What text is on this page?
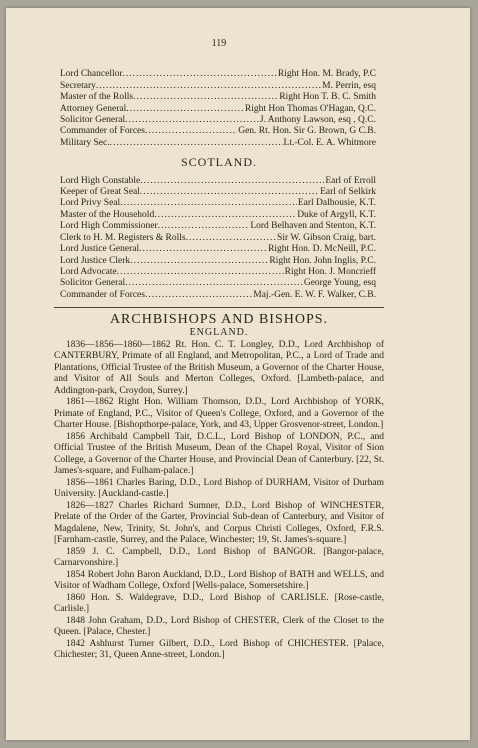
119
Lord Chancellor .....	Right Hon. M. Brady, P.C
Secretary .....	M. Perrin, esq
Master of the Rolls .....	Right Hon T. B. C. Smith
Attorney General .....	Right Hon Thomas O'Hagan, Q.C.
Solicitor General .....	J. Anthony Lawson, esq , Q.C.
Commander of Forces .....	Gen. Rt. Hon. Sir G. Brown, G C.B.
Military Sec. .....	Lt.-Col. E. A. Whitmore
SCOTLAND.
Lord High Constable .....	Earl of Erroll
Keeper of Great Seal .....	Earl of Selkirk
Lord Privy Seal .....	Earl Dalhousie, K.T.
Master of the Household .....	Duke of Argyll, K.T.
Lord High Commissioner .....	Lord Belhaven and Stenton, K.T.
Clerk to H. M. Registers & Rolls .....	Sir W. Gibson Craig, bart.
Lord Justice General .....	Right Hon. D. McNeill, P.C.
Lord Justice Clerk .....	Right Hon. John Inglis, P.C.
Lord Advocate .....	Right Hon. J. Moncrieff
Solicitor General .....	George Young, esq
Commander of Forces .....	Maj.-Gen. E. W. F. Walker, C.B.
ARCHBISHOPS AND BISHOPS.
ENGLAND.

1836—1856—1860—1862 Rt. Hon. C. T. Longley, D.D., Lord Archbishop of CANTERBURY, Primate of all England, and Metropolitan, P.C., a Lord of Trade and Plantations, Official Trustee of the British Museum, a Governor of the Charter House, and Visitor of All Souls and Merton Colleges, Oxford. [Lambeth-palace, and Addington-park, Croydon, Surrey.]

1861—1862 Right Hon. William Thomson, D.D., Lord Archbishop of YORK, Primate of England, P.C., Visitor of Queen's College, Oxford, and a Governor of the Charter House. [Bishopthorpe-palace, York, and 43, Upper Grosvenor-street, London.]

1856 Archibald Campbell Tait, D.C.L., Lord Bishop of LONDON, P.C., and Official Trustee of the British Museum, Dean of the Chapel Royal, Visitor of Sion College, a Governor of the Charter House, and Provincial Dean of Canterbury. [22, St. James's-square, and Fulham-palace.]

1856—1861 Charles Baring, D.D., Lord Bishop of DURHAM, Visitor of Durham University. [Auckland-castle.]

1826—1827 Charles Richard Sumner, D.D., Lord Bishop of WINCHESTER, Prelate of the Order of the Garter, Provincial Sub-dean of Canterbury, and Visitor of Magdalene, New, Trinity, St. John's, and Corpus Christi Colleges, Oxford, F.R.S. [Farnham-castle, Surrey, and the Palace, Winchester; 19, St. James's-square.]

1859 J. C. Campbell, D.D., Lord Bishop of BANGOR. [Bangor-palace, Carnarvonshire.]

1854 Robert John Baron Auckland, D.D., Lord Bishop of BATH and WELLS, and Visitor of Wadham College, Oxford [Wells-palace, Somersetshire.]

1860 Hon. S. Waldegrave, D.D., Lord Bishop of CARLISLE. [Rose-castle, Carlisle.]

1848 John Graham, D.D., Lord Bishop of CHESTER, Clerk of the Closet to the Queen. [Palace, Chester.]

1842 Ashhurst Turner Gilbert, D.D., Lord Bishop of CHICHESTER. [Palace, Chichester; 31, Queen Anne-street, London.]
